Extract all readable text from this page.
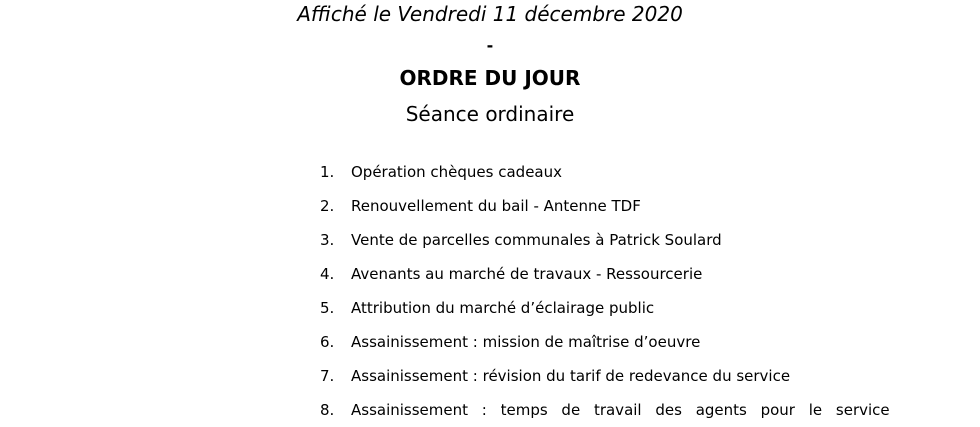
Affiché le Vendredi 11 décembre 2020
-
ORDRE DU JOUR
Séance ordinaire
1.	Opération chèques cadeaux
2.	Renouvellement du bail - Antenne TDF
3.	Vente de parcelles communales à Patrick Soulard
4.	Avenants au marché de travaux - Ressourcerie
5.	Attribution du marché d’éclairage public
6.	Assainissement : mission de maîtrise d’oeuvre
7.	Assainissement : révision du tarif de redevance du service
8.	Assainissement : temps de travail des agents pour le service
